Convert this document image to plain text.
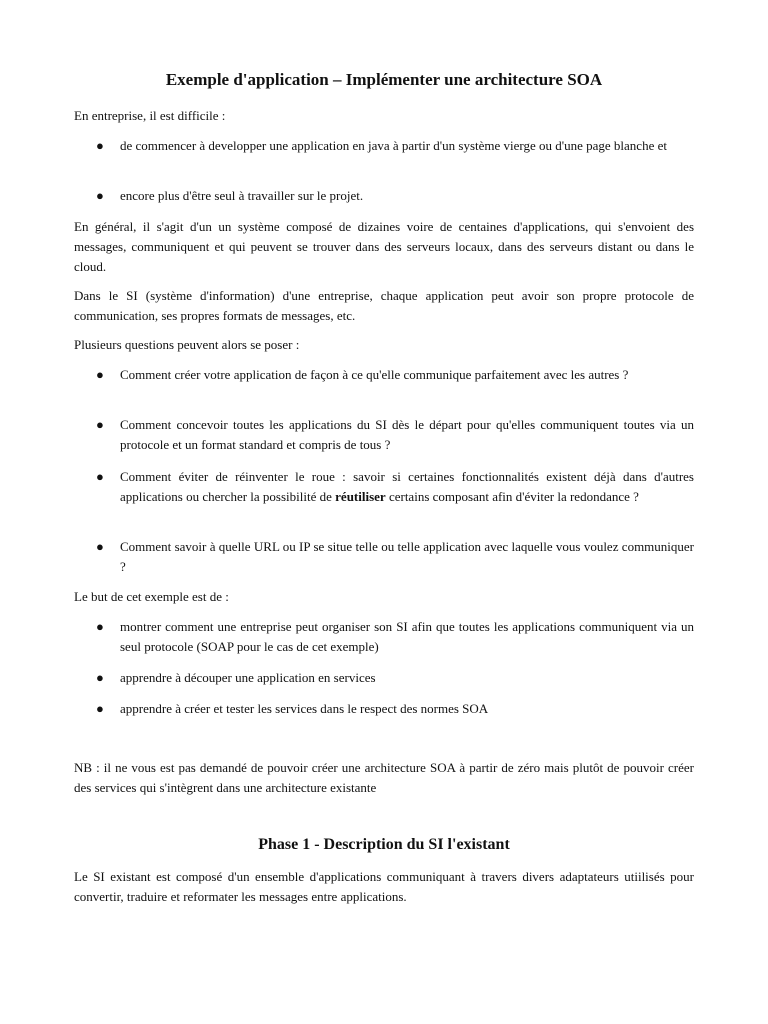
Exemple d'application – Implémenter une architecture SOA

En entreprise, il est difficile :

● de commencer à developper une application en java à partir d'un système vierge ou d'une page blanche et

● encore plus d'être seul à travailler sur le projet.

En général, il s'agit d'un un système composé de dizaines voire de centaines d'applications, qui s'envoient des messages, communiquent et qui peuvent se trouver dans des serveurs locaux, dans des serveurs distant ou dans le cloud.

Dans le SI (système d'information) d'une entreprise, chaque application peut avoir son propre protocole de communication, ses propres formats de messages, etc.

Plusieurs questions peuvent alors se poser :

● Comment créer votre application de façon à ce qu'elle communique parfaitement avec les autres ?

● Comment concevoir toutes les applications du SI dès le départ pour qu'elles communiquent toutes via un protocole et un format standard et compris de tous ?

● Comment éviter de réinventer le roue : savoir si certaines fonctionnalités existent déjà dans d'autres applications ou chercher la possibilité de réutiliser certains composant afin d'éviter la redondance ?

● Comment savoir à quelle URL ou IP se situe telle ou telle application avec laquelle vous voulez communiquer ?

Le but de cet exemple est de :

● montrer comment une entreprise peut organiser son SI afin que toutes les applications communiquent via un seul protocole (SOAP pour le cas de cet exemple)

● apprendre à découper une application en services

● apprendre à créer et tester les services dans le respect des normes SOA

NB : il ne vous est pas demandé de pouvoir créer une architecture SOA à partir de zéro mais plutôt de pouvoir créer des services qui s'intègrent dans une architecture existante

Phase 1 - Description du SI l'existant

Le SI existant est composé d'un ensemble d'applications communiquant à travers divers adaptateurs utiilisés pour convertir, traduire et reformater les messages entre applications.
